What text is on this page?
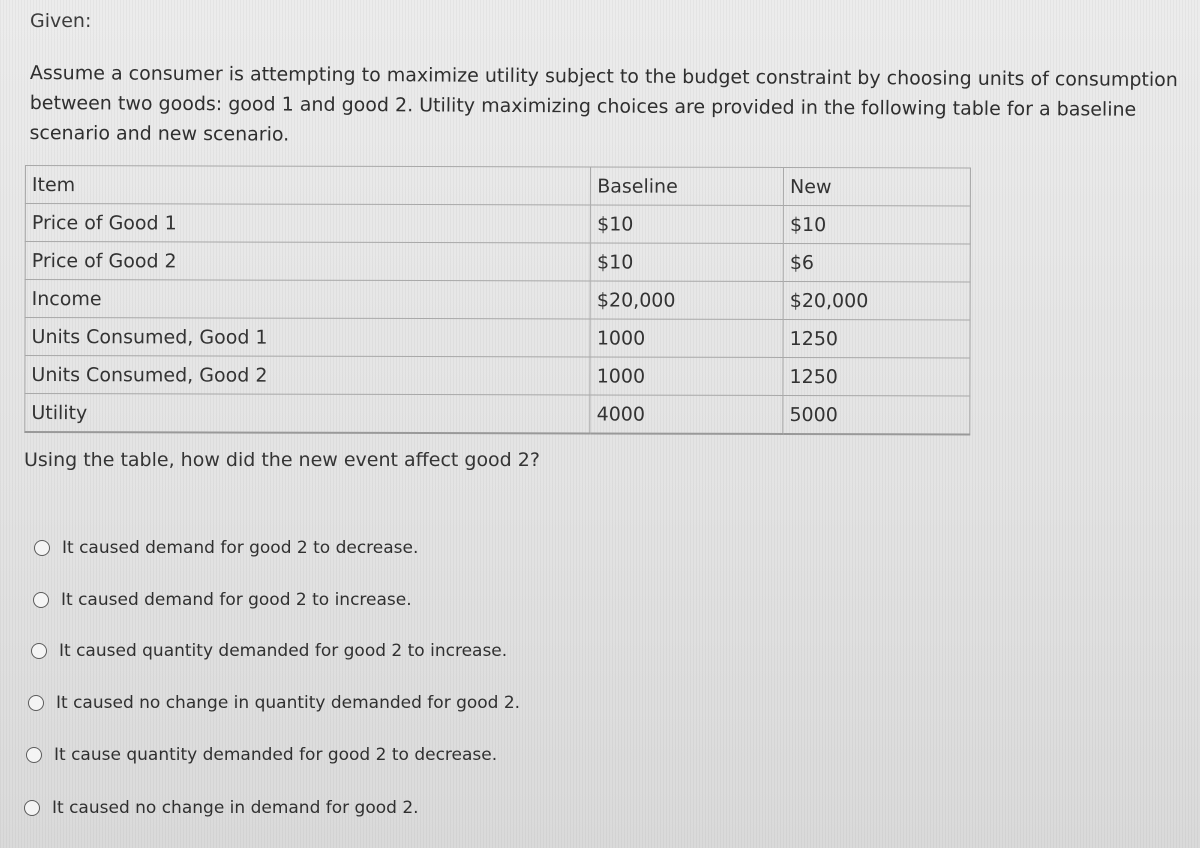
Given:
Assume a consumer is attempting to maximize utility subject to the budget constraint by choosing units of consumption between two goods: good 1 and good 2. Utility maximizing choices are provided in the following table for a baseline scenario and new scenario.
Item	Baseline	New
Price of Good 1	$10	$10
Price of Good 2	$10	$6
Income	$20,000	$20,000
Units Consumed, Good 1	1000	1250
Units Consumed, Good 2	1000	1250
Utility	4000	5000
Using the table, how did the new event affect good 2?
It caused demand for good 2 to decrease.
It caused demand for good 2 to increase.
It caused quantity demanded for good 2 to increase.
It caused no change in quantity demanded for good 2.
It cause quantity demanded for good 2 to decrease.
It caused no change in demand for good 2.
